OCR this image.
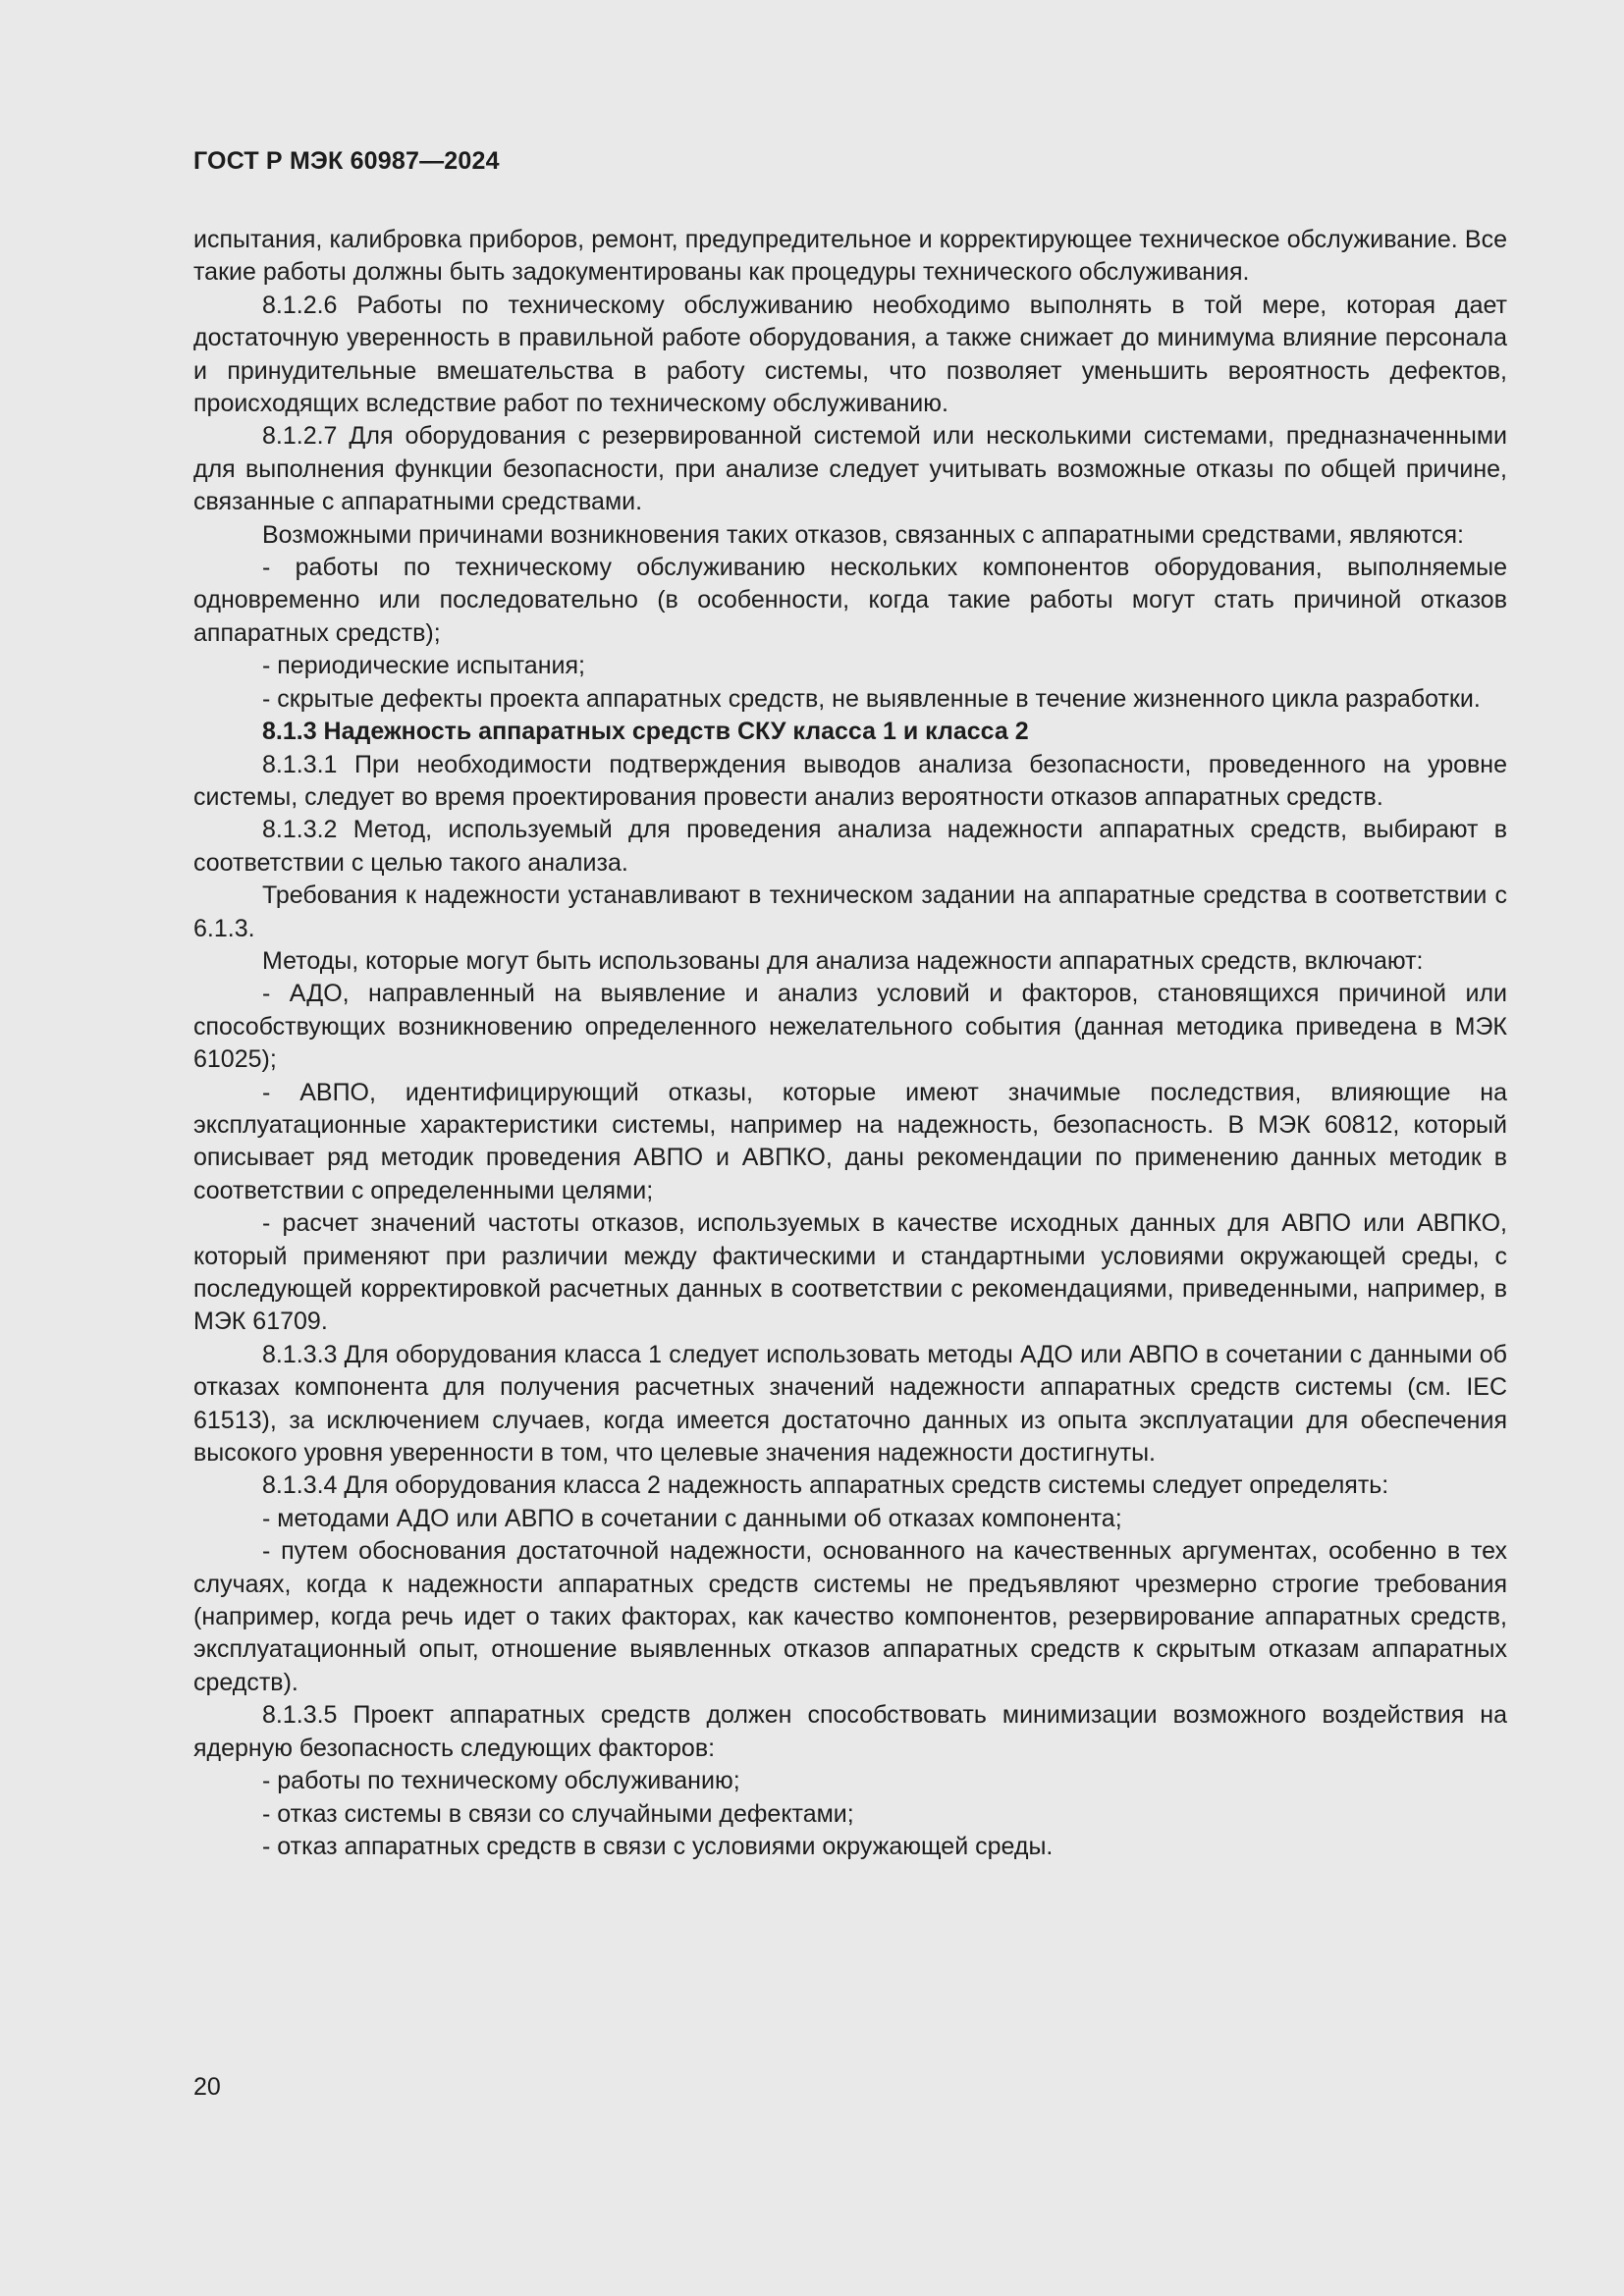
ГОСТ Р МЭК 60987—2024

испытания, калибровка приборов, ремонт, предупредительное и корректирующее техническое обслуживание. Все такие работы должны быть задокументированы как процедуры технического обслуживания.

8.1.2.6 Работы по техническому обслуживанию необходимо выполнять в той мере, которая дает достаточную уверенность в правильной работе оборудования, а также снижает до минимума влияние персонала и принудительные вмешательства в работу системы, что позволяет уменьшить вероятность дефектов, происходящих вследствие работ по техническому обслуживанию.

8.1.2.7 Для оборудования с резервированной системой или несколькими системами, предназначенными для выполнения функции безопасности, при анализе следует учитывать возможные отказы по общей причине, связанные с аппаратными средствами.

Возможными причинами возникновения таких отказов, связанных с аппаратными средствами, являются:

- работы по техническому обслуживанию нескольких компонентов оборудования, выполняемые одновременно или последовательно (в особенности, когда такие работы могут стать причиной отказов аппаратных средств);

- периодические испытания;

- скрытые дефекты проекта аппаратных средств, не выявленные в течение жизненного цикла разработки.

8.1.3 Надежность аппаратных средств СКУ класса 1 и класса 2

8.1.3.1 При необходимости подтверждения выводов анализа безопасности, проведенного на уровне системы, следует во время проектирования провести анализ вероятности отказов аппаратных средств.

8.1.3.2 Метод, используемый для проведения анализа надежности аппаратных средств, выбирают в соответствии с целью такого анализа.

Требования к надежности устанавливают в техническом задании на аппаратные средства в соответствии с 6.1.3.

Методы, которые могут быть использованы для анализа надежности аппаратных средств, включают:

- АДО, направленный на выявление и анализ условий и факторов, становящихся причиной или способствующих возникновению определенного нежелательного события (данная методика приведена в МЭК 61025);

- АВПО, идентифицирующий отказы, которые имеют значимые последствия, влияющие на эксплуатационные характеристики системы, например на надежность, безопасность. В МЭК 60812, который описывает ряд методик проведения АВПО и АВПКО, даны рекомендации по применению данных методик в соответствии с определенными целями;

- расчет значений частоты отказов, используемых в качестве исходных данных для АВПО или АВПКО, который применяют при различии между фактическими и стандартными условиями окружающей среды, с последующей корректировкой расчетных данных в соответствии с рекомендациями, приведенными, например, в МЭК 61709.

8.1.3.3 Для оборудования класса 1 следует использовать методы АДО или АВПО в сочетании с данными об отказах компонента для получения расчетных значений надежности аппаратных средств системы (см. IEC 61513), за исключением случаев, когда имеется достаточно данных из опыта эксплуатации для обеспечения высокого уровня уверенности в том, что целевые значения надежности достигнуты.

8.1.3.4 Для оборудования класса 2 надежность аппаратных средств системы следует определять:

- методами АДО или АВПО в сочетании с данными об отказах компонента;

- путем обоснования достаточной надежности, основанного на качественных аргументах, особенно в тех случаях, когда к надежности аппаратных средств системы не предъявляют чрезмерно строгие требования (например, когда речь идет о таких факторах, как качество компонентов, резервирование аппаратных средств, эксплуатационный опыт, отношение выявленных отказов аппаратных средств к скрытым отказам аппаратных средств).

8.1.3.5 Проект аппаратных средств должен способствовать минимизации возможного воздействия на ядерную безопасность следующих факторов:

- работы по техническому обслуживанию;

- отказ системы в связи со случайными дефектами;

- отказ аппаратных средств в связи с условиями окружающей среды.

20
